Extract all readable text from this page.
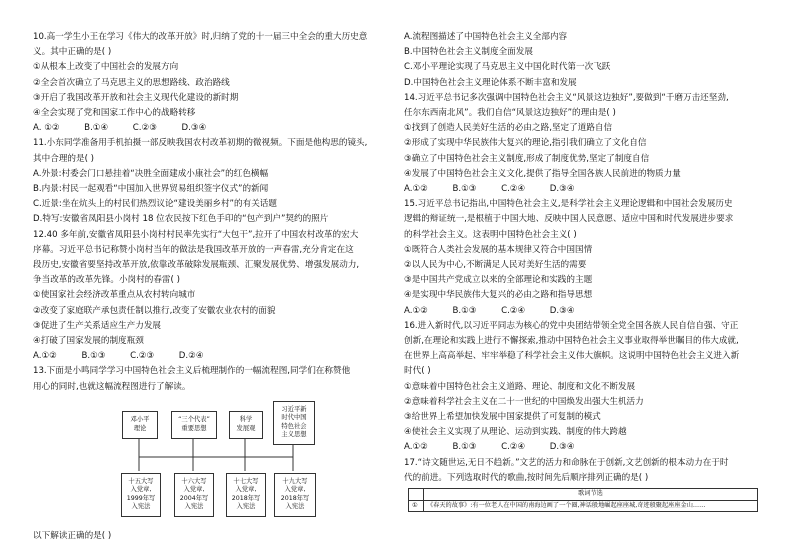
10.高一学生小王在学习《伟大的改革开放》时,归纳了党的十一届三中全会的重大历史意
义。其中正确的是( )
①从根本上改变了中国社会的发展方向
②全会首次确立了马克思主义的思想路线、政治路线
③开启了我国改革开放和社会主义现代化建设的新时期
④全会实现了党和国家工作中心的战略转移
A. ①②         B.①④         C.②③         D.③④
11.小东同学准备用手机拍摄一部反映我国农村改革初期的微视频。下面是他构思的镜头,
其中合理的是( )
A.外景:村委会门口悬挂着“决胜全面建成小康社会”的红色横幅
B.内景:村民一起观看“中国加入世界贸易组织签字仪式”的新闻
C.近景:坐在炕头上的村民们热烈议论“建设美丽乡村”的有关话题
D.特写:安徽省凤阳县小岗村 18 位农民按下红色手印的“包产到户”契约的照片
12.40 多年前,安徽省凤阳县小岗村村民率先实行“大包干”,拉开了中国农村改革的宏大
序幕。习近平总书记称赞小岗村当年的做法是我国改革开放的一声春雷,充分肯定在这
段历史,安徽省要坚持改革开放,依靠改革破除发展瓶颈、汇聚发展优势、增强发展动力,
争当改革的改革先锋。小岗村的春雷( )
①使国家社会经济改革重点从农村转向城市
②改变了家庭联产承包责任制以推行,改变了安徽农业农村的面貌
③促进了生产关系适应生产力发展
④打破了国家发展的制度瓶颈
A.①②         B.①③         C.②③         D.②④
13.下面是小鸣同学学习中国特色社会主义后梳理制作的一幅流程图,同学们在称赞他
用心的同时,也就这幅流程图进行了解读。
邓小平
理论
“三个代表”
重要思想
科学
发展观
习近平新
时代中国
特色社会
主义思想
十五大写
入党章,
1999年写
入宪法
十六大写
入党章,
2004年写
入宪法
十七大写
入党章,
2018年写
入宪法
十九大写
入党章,
2018年写
入宪法
以下解读正确的是( )
A.流程图描述了中国特色社会主义全部内容
B.中国特色社会主义制度全面发展
C.邓小平理论实现了马克思主义中国化时代第一次飞跃
D.中国特色社会主义理论体系不断丰富和发展
14.习近平总书记多次强调中国特色社会主义“风景这边独好”,要做到“千磨万击还坚劲,
任尔东西南北风”。我们自信“风景这边独好”的理由是( )
①找到了创造人民美好生活的必由之路,坚定了道路自信
②形成了实现中华民族伟大复兴的理论,指引我们确立了文化自信
③确立了中国特色社会主义制度,形成了制度优势,坚定了制度自信
④发展了中国特色社会主义文化,提供了指导全国各族人民前进的物质力量
A.①②         B.①③         C.②④         D.③④
15.习近平总书记指出,中国特色社会主义,是科学社会主义理论逻辑和中国社会发展历史
逻辑的辩证统一,是根植于中国大地、反映中国人民意愿、适应中国和时代发展进步要求
的科学社会主义。这表明中国特色社会主义( )
①既符合人类社会发展的基本规律又符合中国国情
②以人民为中心,不断满足人民对美好生活的需要
③是中国共产党成立以来的全部理论和实践的主题
④是实现中华民族伟大复兴的必由之路和指导思想
A.①②         B.①③         C.②④         D.③④
16.进入新时代,以习近平同志为核心的党中央团结带领全党全国各族人民自信自强、守正
创新,在理论和实践上进行不懈探索,推动中国特色社会主义事业取得举世瞩目的伟大成就,
在世界上高高举起、牢牢举稳了科学社会主义伟大旗帜。这说明中国特色社会主义进入新
时代( )
①意味着中国特色社会主义道路、理论、制度和文化不断发展
②意味着科学社会主义在二十一世纪的中国焕发出强大生机活力
③给世界上希望加快发展中国家提供了可复制的模式
④使社会主义实现了从理论、运动到实践、制度的伟大跨越
A.①②         B.①③         C.②④         D.③④
17.“诗文随世运,无日不趋新。”文艺的活力和命脉在于创新,文艺创新的根本动力在于时
代的前进。下列选取时代的歌曲,按时间先后顺序排列正确的是( )
	歌词节选
①	《春天的故事》:有一位老人在中国的南海边画了一个圈,神话般地崛起座座城,奇迹般聚起座座金山……
